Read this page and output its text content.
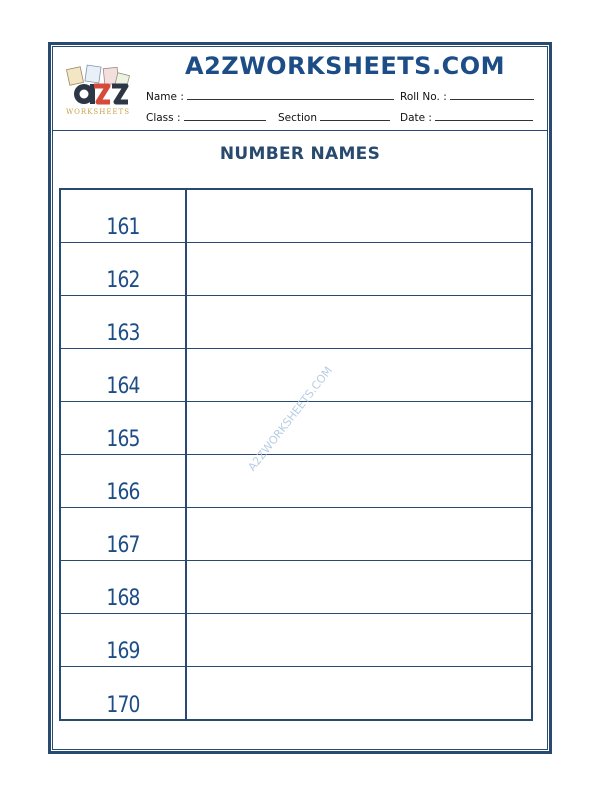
WORKSHEETS
A2ZWORKSHEETS.COM
Name :	Roll No. :
Class :	Section	Date :
NUMBER NAMES
161
162
163
164
165
166
167
168
169
170
A2ZWORKSHEETS.COM
